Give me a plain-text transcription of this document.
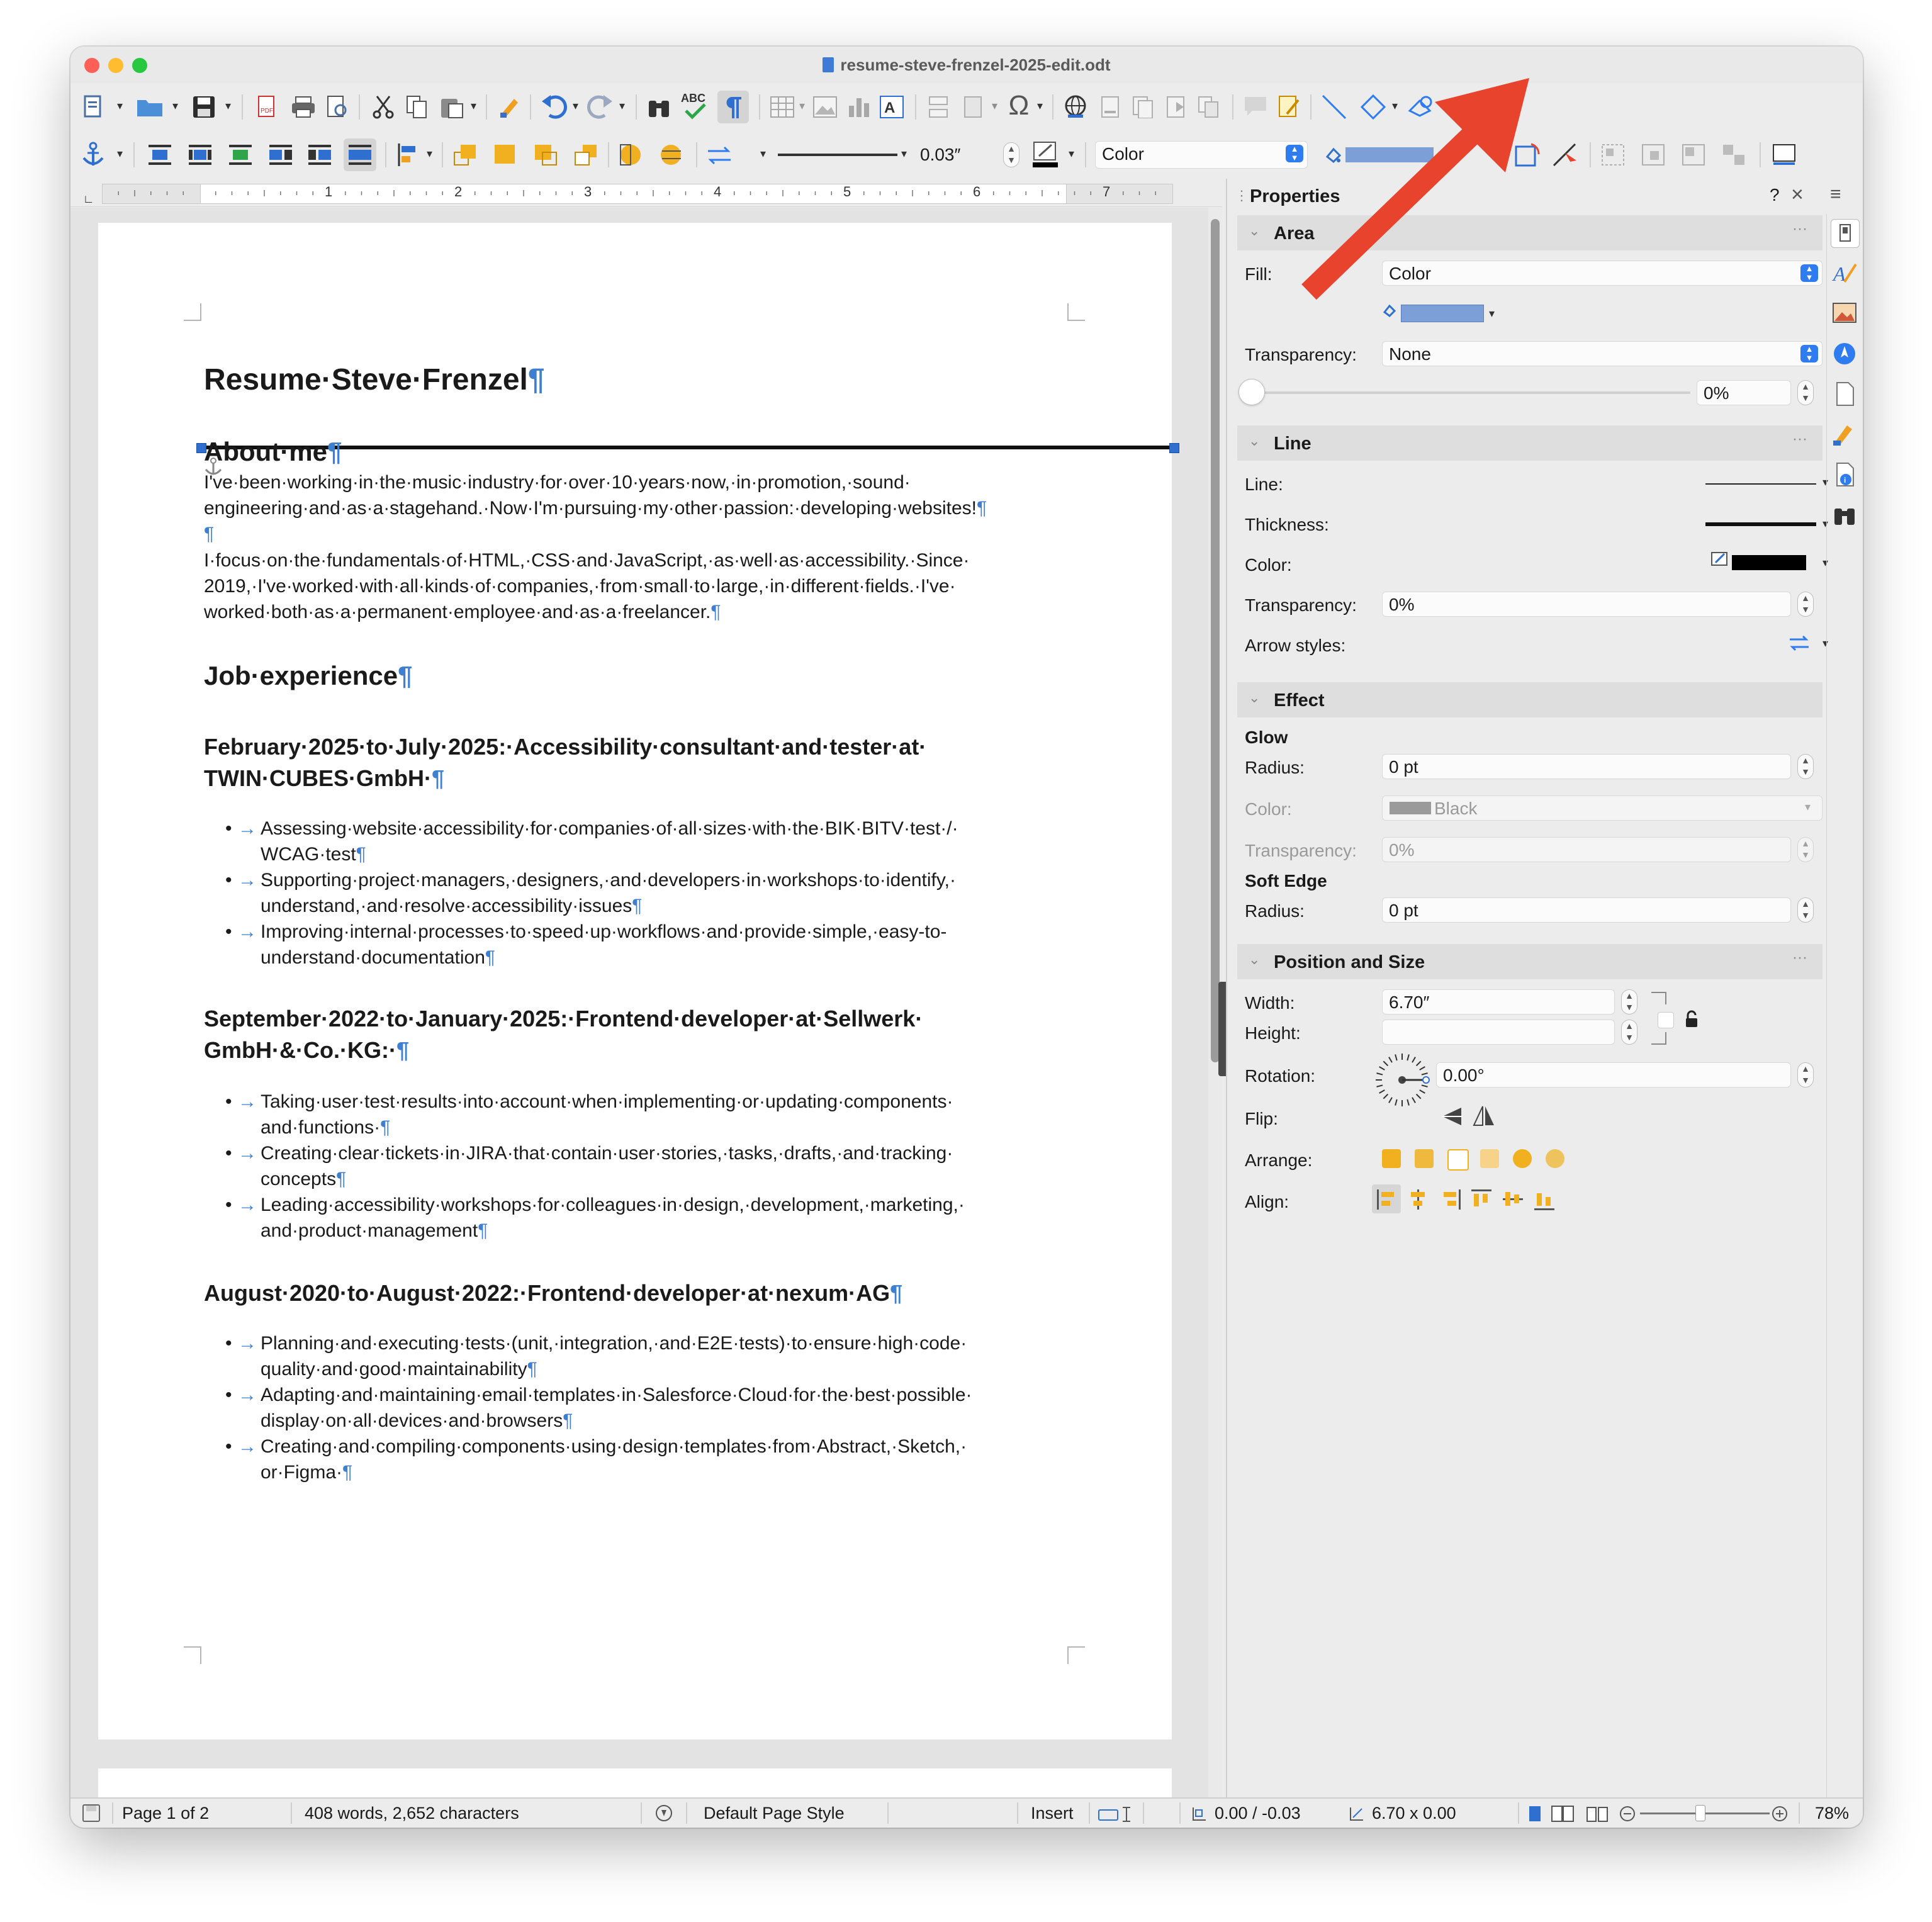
resume-steve-frenzel-2025-edit.odt
▾	▾	▾	PDF	▾	▾	▾
ABC
▾	A	▾ Ω ▾	▾
▾	▾	▾	▾ 0.03″	▲
▼	▾	Color	▲
▼
∟	1	2	3	4	5	6	7
Resume·Steve·Frenzel¶
About·me¶
I've·been·working·in·the·music·industry·for·over·10·years·now,·in·promotion,·sound·
engineering·and·as·a·stagehand.·Now·I'm·pursuing·my·other·passion:·developing·websites!¶
¶
I·focus·on·the·fundamentals·of·HTML,·CSS·and·JavaScript,·as·well·as·accessibility.·Since·
2019,·I've·worked·with·all·kinds·of·companies,·from·small·to·large,·in·different·fields.·I've·
worked·both·as·a·permanent·employee·and·as·a·freelancer.¶
Job·experience¶
February·2025·to·July·2025:·Accessibility·consultant·and·tester·at·
TWIN·CUBES·GmbH·¶
• → Assessing·website·accessibility·for·companies·of·all·sizes·with·the·BIK·BITV·test·/·
WCAG·test¶
• → Supporting·project·managers,·designers,·and·developers·in·workshops·to·identify,·
understand,·and·resolve·accessibility·issues¶
• → Improving·internal·processes·to·speed·up·workflows·and·provide·simple,·easy-to-
understand·documentation¶
September·2022·to·January·2025:·Frontend·developer·at·Sellwerk·
GmbH·&·Co.·KG:·¶
• → Taking·user·test·results·into·account·when·implementing·or·updating·components·
and·functions·¶
• → Creating·clear·tickets·in·JIRA·that·contain·user·stories,·tasks,·drafts,·and·tracking·
concepts¶
• → Leading·accessibility·workshops·for·colleagues·in·design,·development,·marketing,·
and·product·management¶
August·2020·to·August·2022:·Frontend·developer·at·nexum·AG¶
• → Planning·and·executing·tests·(unit,·integration,·and·E2E·tests)·to·ensure·high·code·
quality·and·good·maintainability¶
• → Adapting·and·maintaining·email·templates·in·Salesforce·Cloud·for·the·best·possible·
display·on·all·devices·and·browsers¶
• → Creating·and·compiling·components·using·design·templates·from·Abstract,·Sketch,·
or·Figma·¶
⋮ Properties	? × ≡
⌄ Area	···
Fill:	Color	▲
▼
▾
Transparency:	None	▲
▼
0%	▲
▼
⌄ Line	···
Line:	▾
Thickness:	▾
Color:	▾
Transparency:	0%	▲
▼
Arrow styles:	▾
⌄ Effect
Glow
Radius:	0 pt	▲
▼
Color:	Black	▾
Transparency:	0%	▲
▼
Soft Edge
Radius:	0 pt	▲
▼
⌄ Position and Size	···
Width:	6.70″	▲
▼
Height:	▲
▼
Rotation:	0.00°	▲
▼
Flip:
Arrange:
Align:
A
i
Page 1 of 2	408 words, 2,652 characters	Default Page Style	Insert	0.00 / -0.03	6.70 x 0.00	78%
